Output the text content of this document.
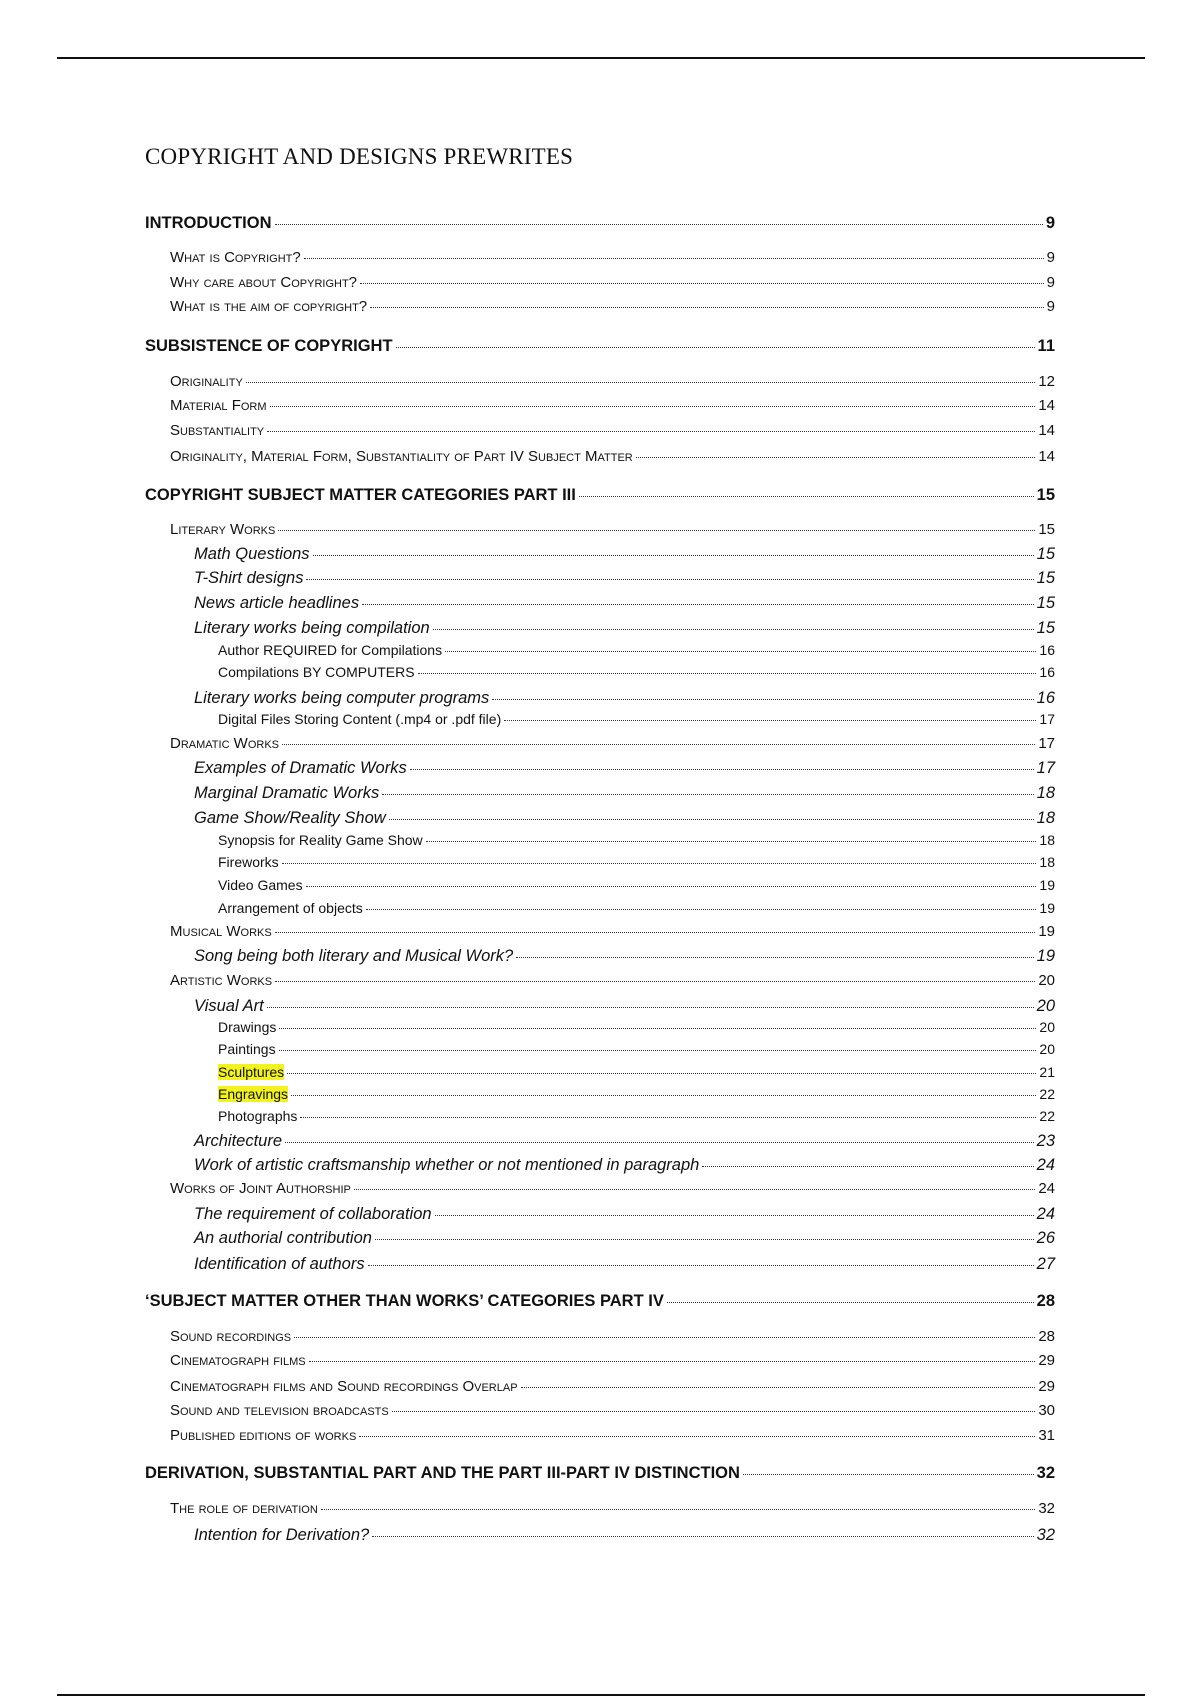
COPYRIGHT AND DESIGNS PREWRITES
INTRODUCTION	9
What is Copyright?	9
Why care about Copyright?	9
What is the aim of copyright?	9
SUBSISTENCE OF COPYRIGHT	11
Originality	12
Material Form	14
Substantiality	14
Originality, Material Form, Substantiality of Part IV Subject Matter	14
COPYRIGHT SUBJECT MATTER CATEGORIES PART III	15
Literary Works	15
Math Questions	15
T-Shirt designs	15
News article headlines	15
Literary works being compilation	15
Author REQUIRED for Compilations	16
Compilations BY COMPUTERS	16
Literary works being computer programs	16
Digital Files Storing Content (.mp4 or .pdf file)	17
Dramatic Works	17
Examples of Dramatic Works	17
Marginal Dramatic Works	18
Game Show/Reality Show	18
Synopsis for Reality Game Show	18
Fireworks	18
Video Games	19
Arrangement of objects	19
Musical Works	19
Song being both literary and Musical Work?	19
Artistic Works	20
Visual Art	20
Drawings	20
Paintings	20
Sculptures	21
Engravings	22
Photographs	22
Architecture	23
Work of artistic craftsmanship whether or not mentioned in paragraph	24
Works of Joint Authorship	24
The requirement of collaboration	24
An authorial contribution	26
Identification of authors	27
‘SUBJECT MATTER OTHER THAN WORKS’ CATEGORIES PART IV	28
Sound recordings	28
Cinematograph films	29
Cinematograph films and Sound recordings Overlap	29
Sound and television broadcasts	30
Published editions of works	31
DERIVATION, SUBSTANTIAL PART AND THE PART III-PART IV DISTINCTION	32
The role of derivation	32
Intention for Derivation?	32
